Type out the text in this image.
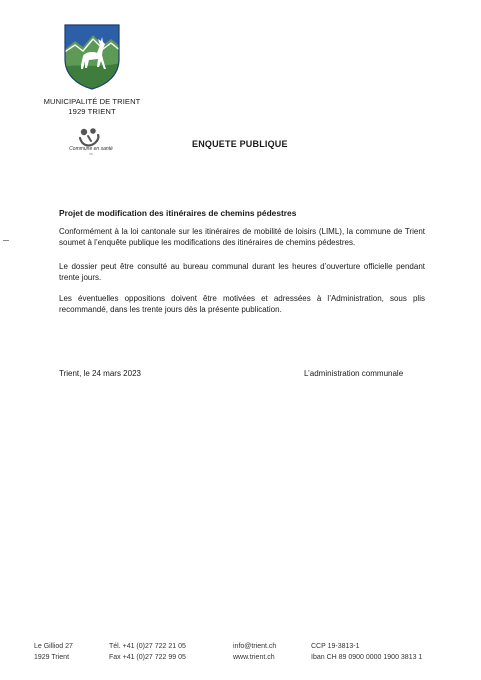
MUNICIPALITÉ DE TRIENT
1929 TRIENT
Commune en santé
VS
ENQUETE PUBLIQUE
Projet de modification des itinéraires de chemins pédestres
Conformément à la loi cantonale sur les itinéraires de mobilité de loisirs (LIML), la commune de Trient soumet à l’enquête publique les modifications des itinéraires de chemins pédestres.
Le dossier peut être consulté au bureau communal durant les heures d’ouverture officielle pendant trente jours.
Les éventuelles oppositions doivent être motivées et adressées à l’Administration, sous plis recommandé, dans les trente jours dès la présente publication.
Trient, le 24 mars 2023	L’administration communale
Le Gilliod 27
1929 Trient
Tél. +41 (0)27 722 21 05
Fax +41 (0)27 722 99 05
info@trient.ch
www.trient.ch
CCP 19-3813-1
Iban CH 89 0900 0000 1900 3813 1
